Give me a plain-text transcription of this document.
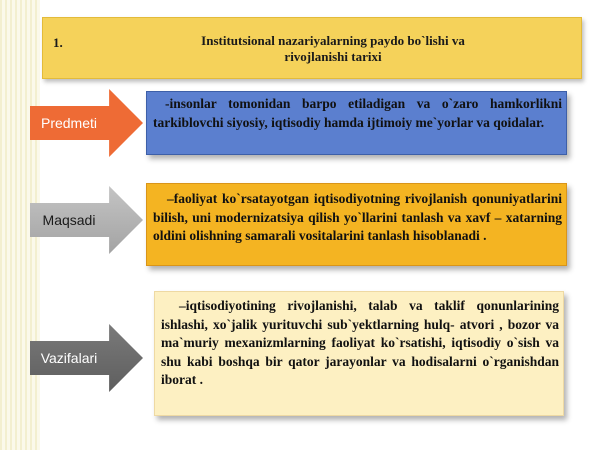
1.	Institutsional nazariyalarning paydo bo`lishi va
rivojlanishi tarixi
Predmeti

-insonlar tomonidan barpo etiladigan va o`zaro hamkorlikni tarkiblovchi siyosiy, iqtisodiy hamda ijtimoiy me`yorlar va qoidalar.

Maqsadi

–faoliyat ko`rsatayotgan iqtisodiyotning rivojlanish qonuniyatlarini bilish, uni modernizatsiya qilish yo`llarini tanlash va xavf – xatarning oldini olishning samarali vositalarini tanlash hisoblanadi .

Vazifalari

–iqtisodiyotining rivojlanishi, talab va taklif qonunlarining ishlashi, xo`jalik yurituvchi sub`yektlarning hulq- atvori , bozor va ma`muriy mexanizmlarning faoliyat ko`rsatishi, iqtisodiy o`sish va shu kabi boshqa bir qator jarayonlar va hodisalarni o`rganishdan iborat .
